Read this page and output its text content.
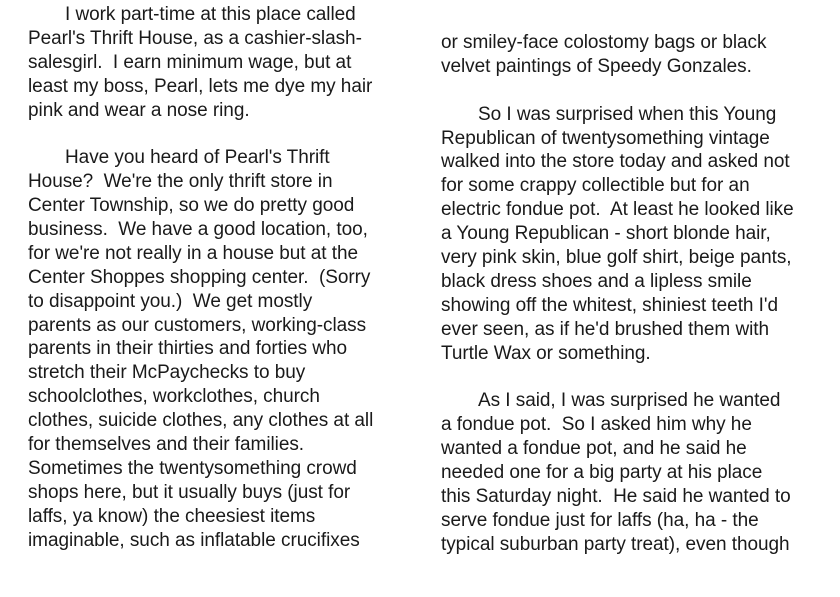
I work part-time at this place called
Pearl's Thrift House, as a cashier-slash-
salesgirl.  I earn minimum wage, but at
least my boss, Pearl, lets me dye my hair
pink and wear a nose ring.
Have you heard of Pearl's Thrift
House?  We're the only thrift store in
Center Township, so we do pretty good
business.  We have a good location, too,
for we're not really in a house but at the
Center Shoppes shopping center.  (Sorry
to disappoint you.)  We get mostly
parents as our customers, working-class
parents in their thirties and forties who
stretch their McPaychecks to buy
schoolclothes, workclothes, church
clothes, suicide clothes, any clothes at all
for themselves and their families.
Sometimes the twentysomething crowd
shops here, but it usually buys (just for
laffs, ya know) the cheesiest items
imaginable, such as inflatable crucifixes
or smiley-face colostomy bags or black
velvet paintings of Speedy Gonzales.
So I was surprised when this Young
Republican of twentysomething vintage
walked into the store today and asked not
for some crappy collectible but for an
electric fondue pot.  At least he looked like
a Young Republican - short blonde hair,
very pink skin, blue golf shirt, beige pants,
black dress shoes and a lipless smile
showing off the whitest, shiniest teeth I'd
ever seen, as if he'd brushed them with
Turtle Wax or something.
As I said, I was surprised he wanted
a fondue pot.  So I asked him why he
wanted a fondue pot, and he said he
needed one for a big party at his place
this Saturday night.  He said he wanted to
serve fondue just for laffs (ha, ha - the
typical suburban party treat), even though
